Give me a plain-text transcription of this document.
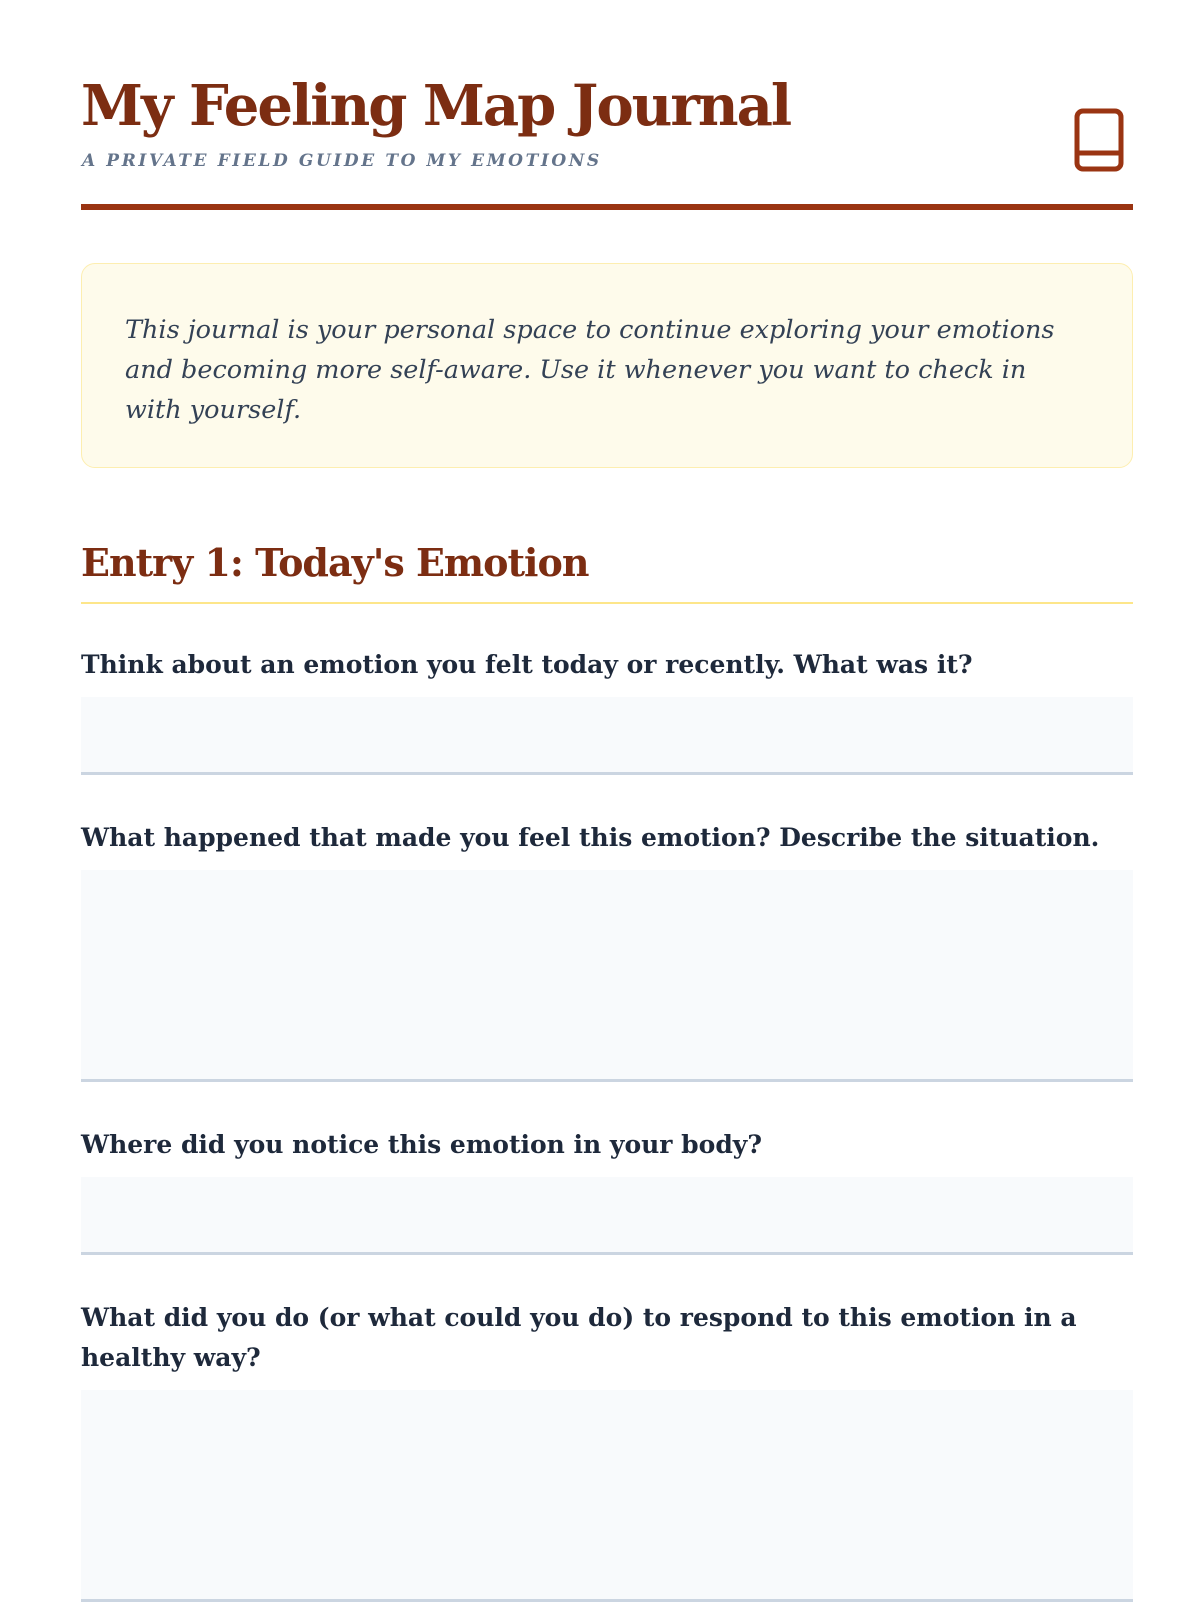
My Feeling Map Journal
A PRIVATE FIELD GUIDE TO MY EMOTIONS

This journal is your personal space to continue exploring your emotions and becoming more self-aware. Use it whenever you want to check in with yourself.

Entry 1: Today's Emotion
Think about an emotion you felt today or recently. What was it?
What happened that made you feel this emotion? Describe the situation.
Where did you notice this emotion in your body?
What did you do (or what could you do) to respond to this emotion in a healthy way?
